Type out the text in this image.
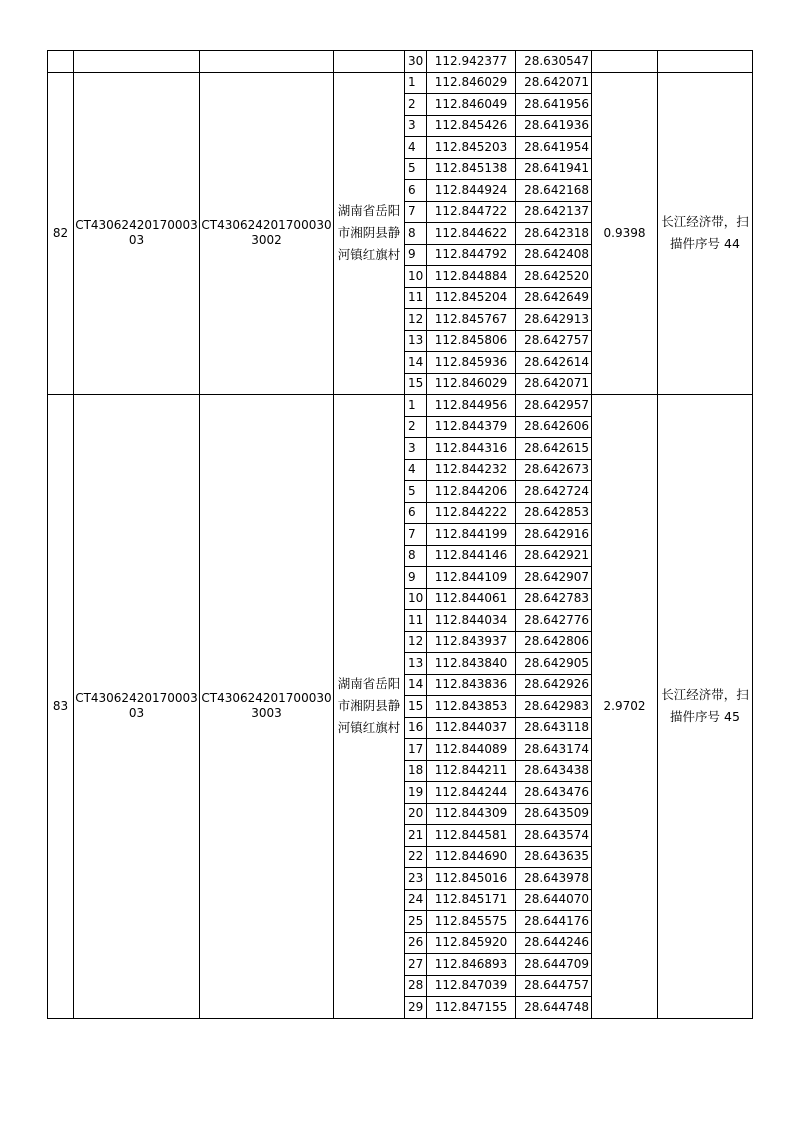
				30	112.942377	28.630547		
82	CT4306242017000303	CT4306242017000303002	湖南省岳阳市湘阴县静河镇红旗村	1	112.846029	28.642071	0.9398	长江经济带，扫描件序号 44
				2	112.846049	28.641956		
				3	112.845426	28.641936		
				4	112.845203	28.641954		
				5	112.845138	28.641941		
				6	112.844924	28.642168		
				7	112.844722	28.642137		
				8	112.844622	28.642318		
				9	112.844792	28.642408		
				10	112.844884	28.642520		
				11	112.845204	28.642649		
				12	112.845767	28.642913		
				13	112.845806	28.642757		
				14	112.845936	28.642614		
				15	112.846029	28.642071		
83	CT4306242017000303	CT4306242017000303003	湖南省岳阳市湘阴县静河镇红旗村	1	112.844956	28.642957	2.9702	长江经济带，扫描件序号 45
				2	112.844379	28.642606		
				3	112.844316	28.642615		
				4	112.844232	28.642673		
				5	112.844206	28.642724		
				6	112.844222	28.642853		
				7	112.844199	28.642916		
				8	112.844146	28.642921		
				9	112.844109	28.642907		
				10	112.844061	28.642783		
				11	112.844034	28.642776		
				12	112.843937	28.642806		
				13	112.843840	28.642905		
				14	112.843836	28.642926		
				15	112.843853	28.642983		
				16	112.844037	28.643118		
				17	112.844089	28.643174		
				18	112.844211	28.643438		
				19	112.844244	28.643476		
				20	112.844309	28.643509		
				21	112.844581	28.643574		
				22	112.844690	28.643635		
				23	112.845016	28.643978		
				24	112.845171	28.644070		
				25	112.845575	28.644176		
				26	112.845920	28.644246		
				27	112.846893	28.644709		
				28	112.847039	28.644757		
				29	112.847155	28.644748		
